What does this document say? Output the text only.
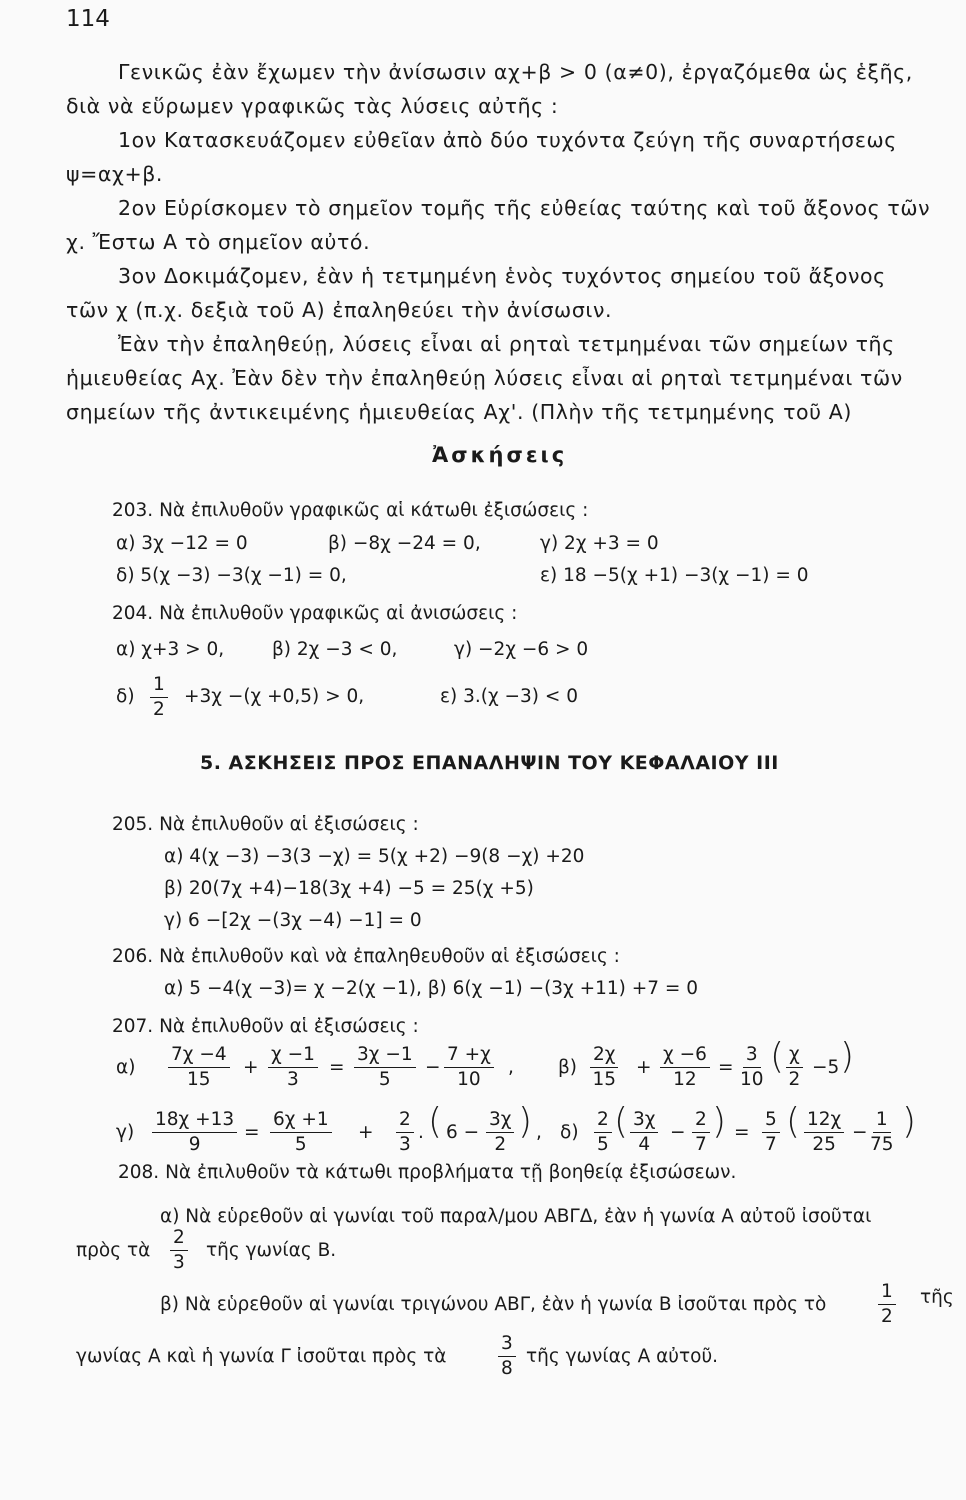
114
Γενικῶς ἐὰν ἔχωμεν τὴν ἀνίσωσιν αχ+β > 0 (α≠0), ἐργαζόμεθα ὡς ἑξῆς,
διὰ νὰ εὕρωμεν γραφικῶς τὰς λύσεις αὐτῆς :
1ον Κατασκευάζομεν εὐθεῖαν ἀπὸ δύο τυχόντα ζεύγη τῆς συναρτήσεως
ψ=αχ+β.
2ον Εὑρίσκομεν τὸ σημεῖον τομῆς τῆς εὐθείας ταύτης καὶ τοῦ ἄξονος τῶν
χ. Ἔστω Α τὸ σημεῖον αὐτό.
3ον Δοκιμάζομεν, ἐὰν ἡ τετμημένη ἑνὸς τυχόντος σημείου τοῦ ἄξονος
τῶν χ (π.χ. δεξιὰ τοῦ Α) ἐπαληθεύει τὴν ἀνίσωσιν.
Ἐὰν τὴν ἐπαληθεύῃ, λύσεις εἶναι αἱ ρηταὶ τετμημέναι τῶν σημείων τῆς
ἡμιευθείας Αχ. Ἐὰν δὲν τὴν ἐπαληθεύῃ λύσεις εἶναι αἱ ρηταὶ τετμημέναι τῶν
σημείων τῆς ἀντικειμένης ἡμιευθείας Αχ'. (Πλὴν τῆς τετμημένης τοῦ Α)
Ἀσκήσεις
203. Νὰ ἐπιλυθοῦν γραφικῶς αἱ κάτωθι ἐξισώσεις :
α) 3χ −12 = 0	β) −8χ −24 = 0,	γ) 2χ +3 = 0
δ) 5(χ −3) −3(χ −1) = 0,	ε) 18 −5(χ +1) −3(χ −1) = 0
204. Νὰ ἐπιλυθοῦν γραφικῶς αἱ ἀνισώσεις :
α) χ+3 > 0,	β) 2χ −3 < 0,	γ) −2χ −6 > 0
$\delta) \frac{1}{2} +3\chi -(\chi +0,5) > 0$,	ε) 3.(χ −3) < 0
5. ΑΣΚΗΣΕΙΣ ΠΡΟΣ ΕΠΑΝΑΛΗΨΙΝ ΤΟΥ ΚΕΦΑΛΑΙΟΥ III
205. Νὰ ἐπιλυθοῦν αἱ ἐξισώσεις :
α) 4(χ −3) −3(3 −χ) = 5(χ +2) −9(8 −χ) +20
β) 20(7χ +4)−18(3χ +4) −5 = 25(χ +5)
γ) 6 −[2χ −(3χ −4) −1] = 0
206. Νὰ ἐπιλυθοῦν καὶ νὰ ἐπαληθευθοῦν αἱ ἐξισώσεις :
α) 5 −4(χ −3)= χ −2(χ −1), β) 6(χ −1) −(3χ +11) +7 = 0
207. Νὰ ἐπιλυθοῦν αἱ ἐξισώσεις :
$\alpha) \frac{7\chi -4}{15} + \frac{\chi -1}{3} = \frac{3\chi -1}{5} - \frac{7 +\chi}{10}$ , $\beta) \frac{2\chi}{15} + \frac{\chi -6}{12} = \frac{3}{10}$ ( $\frac{\chi}{2} -5$ )
$\gamma) \frac{18\chi +13}{9} = \frac{6\chi +1}{5} + \frac{2}{3}$ . ( $6 - \frac{3\chi}{2}$ ) , $\delta) \frac{2}{5}$ ( $\frac{3\chi}{4} - \frac{2}{7}$ ) = $\frac{5}{7}$ ( $\frac{12\chi}{25} - \frac{1}{75}$ )
208. Νὰ ἐπιλυθοῦν τὰ κάτωθι προβλήματα τῇ βοηθείᾳ ἐξισώσεων.
α) Νὰ εὑρεθοῦν αἱ γωνίαι τοῦ παραλ/μου ΑΒΓΔ, ἐὰν ἡ γωνία Α αὐτοῦ ἰσοῦται
πρὸς τὰ $\frac{2}{3}$ τῆς γωνίας Β.
β) Νὰ εὑρεθοῦν αἱ γωνίαι τριγώνου ΑΒΓ, ἐὰν ἡ γωνία Β ἰσοῦται πρὸς τὸ	$\frac{1}{2}$ τῆς
γωνίας Α καὶ ἡ γωνία Γ ἰσοῦται πρὸς τὰ	$\frac{3}{8}$ τῆς γωνίας Α αὐτοῦ.
